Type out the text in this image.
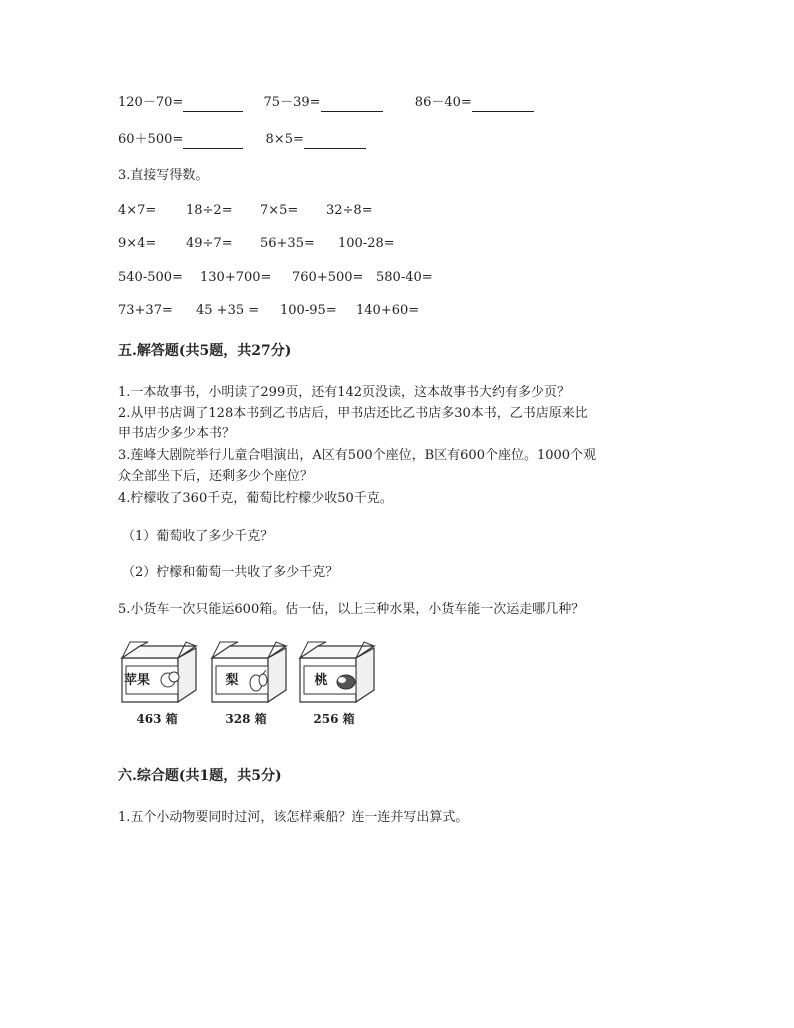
120－70=	75－39=	86－40=
60＋500=	8×5=
3.直接写得数。
4×7= 18÷2= 7×5= 32÷8=
9×4= 49÷7= 56+35= 100-28=
540-500= 130+700= 760+500= 580-40=
73+37= 45 +35 = 100-95= 140+60=
五.解答题(共5题，共27分)
1.一本故事书，小明读了299页，还有142页没读，这本故事书大约有多少页？
2.从甲书店调了128本书到乙书店后，甲书店还比乙书店多30本书，乙书店原来比
甲书店少多少本书？
3.莲峰大剧院举行儿童合唱演出，A区有500个座位，B区有600个座位。1000个观
众全部坐下后，还剩多少个座位？
4.柠檬收了360千克，葡萄比柠檬少收50千克。
（1）葡萄收了多少千克？
（2）柠檬和葡萄一共收了多少千克？
5.小货车一次只能运600箱。估一估，以上三种水果，小货车能一次运走哪几种？
苹果
463 箱
梨
328 箱
桃
256 箱
六.综合题(共1题，共5分)
1.五个小动物要同时过河，该怎样乘船？连一连并写出算式。
